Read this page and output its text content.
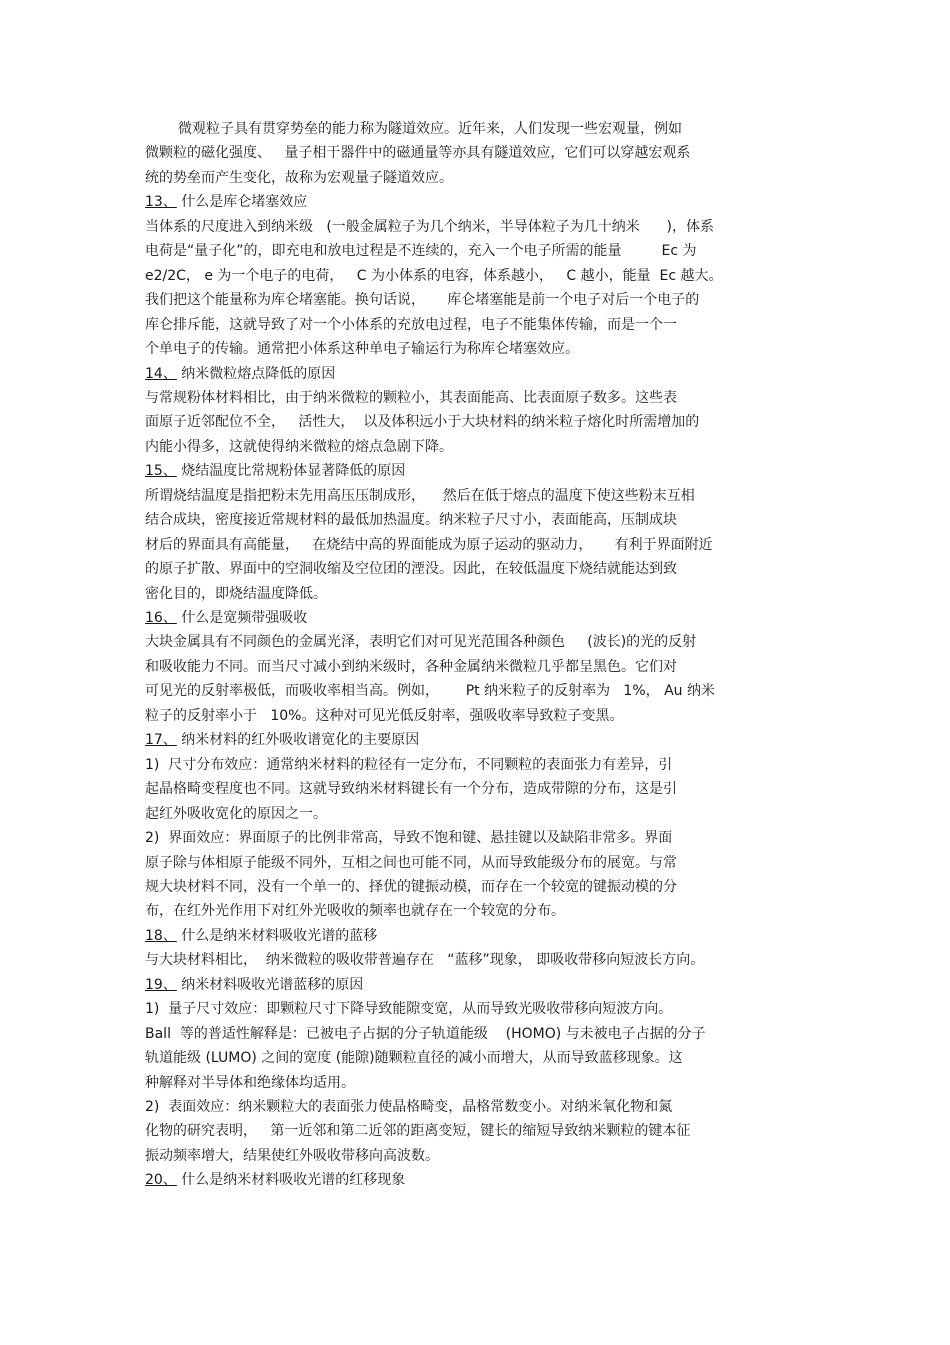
微观粒子具有贯穿势垒的能力称为隧道效应。近年来，人们发现一些宏观量，例如
微颗粒的磁化强度、   量子相干器件中的磁通量等亦具有隧道效应，它们可以穿越宏观系
统的势垒而产生变化，故称为宏观量子隧道效应。
13、 什么是库仑堵塞效应
当体系的尺度进入到纳米级   (一般金属粒子为几个纳米，半导体粒子为几十纳米      )，体系
电荷是“量子化”的，即充电和放电过程是不连续的，充入一个电子所需的能量         Ec 为
e2/2C， e 为一个电子的电荷，   C 为小体系的电容，体系越小，   C 越小，能量  Ec 越大。
我们把这个能量称为库仑堵塞能。换句话说，     库仑堵塞能是前一个电子对后一个电子的
库仑排斥能，这就导致了对一个小体系的充放电过程，电子不能集体传输，而是一个一
个单电子的传输。通常把小体系这种单电子输运行为称库仑堵塞效应。
14、 纳米微粒熔点降低的原因
与常规粉体材料相比，由于纳米微粒的颗粒小，其表面能高、比表面原子数多。这些表
面原子近邻配位不全，   活性大，  以及体积远小于大块材料的纳米粒子熔化时所需增加的
内能小得多，这就使得纳米微粒的熔点急剧下降。
15、 烧结温度比常规粉体显著降低的原因
所谓烧结温度是指把粉末先用高压压制成形，    然后在低于熔点的温度下使这些粉末互相
结合成块，密度接近常规材料的最低加热温度。纳米粒子尺寸小，表面能高，压制成块
材后的界面具有高能量，   在烧结中高的界面能成为原子运动的驱动力，     有利于界面附近
的原子扩散、界面中的空洞收缩及空位团的湮没。因此，在较低温度下烧结就能达到致
密化目的，即烧结温度降低。
16、 什么是宽频带强吸收
大块金属具有不同颜色的金属光泽，表明它们对可见光范围各种颜色     (波长)的光的反射
和吸收能力不同。而当尺寸减小到纳米级时，各种金属纳米微粒几乎都呈黑色。它们对
可见光的反射率极低，而吸收率相当高。例如，      Pt 纳米粒子的反射率为   1%， Au 纳米
粒子的反射率小于   10%。这种对可见光低反射率，强吸收率导致粒子变黑。
17、 纳米材料的红外吸收谱宽化的主要原因
1)  尺寸分布效应：通常纳米材料的粒径有一定分布，不同颗粒的表面张力有差异，引
起晶格畸变程度也不同。这就导致纳米材料键长有一个分布，造成带隙的分布，这是引
起红外吸收宽化的原因之一。
2)  界面效应：界面原子的比例非常高，导致不饱和键、悬挂键以及缺陷非常多。界面
原子除与体相原子能级不同外，互相之间也可能不同，从而导致能级分布的展宽。与常
规大块材料不同，没有一个单一的、择优的键振动模，而存在一个较宽的键振动模的分
布，在红外光作用下对红外光吸收的频率也就存在一个较宽的分布。
18、 什么是纳米材料吸收光谱的蓝移
与大块材料相比，  纳米微粒的吸收带普遍存在   “蓝移”现象， 即吸收带移向短波长方向。
19、 纳米材料吸收光谱蓝移的原因
1)  量子尺寸效应：即颗粒尺寸下降导致能隙变宽，从而导致光吸收带移向短波方向。
Ball  等的普适性解释是：已被电子占据的分子轨道能级    (HOMO) 与未被电子占据的分子
轨道能级 (LUMO) 之间的宽度 (能隙)随颗粒直径的减小而增大，从而导致蓝移现象。这
种解释对半导体和绝缘体均适用。
2)  表面效应：纳米颗粒大的表面张力使晶格畸变，晶格常数变小。对纳米氧化物和氮
化物的研究表明，   第一近邻和第二近邻的距离变短，键长的缩短导致纳米颗粒的键本征
振动频率增大，结果使红外吸收带移向高波数。
20、 什么是纳米材料吸收光谱的红移现象
